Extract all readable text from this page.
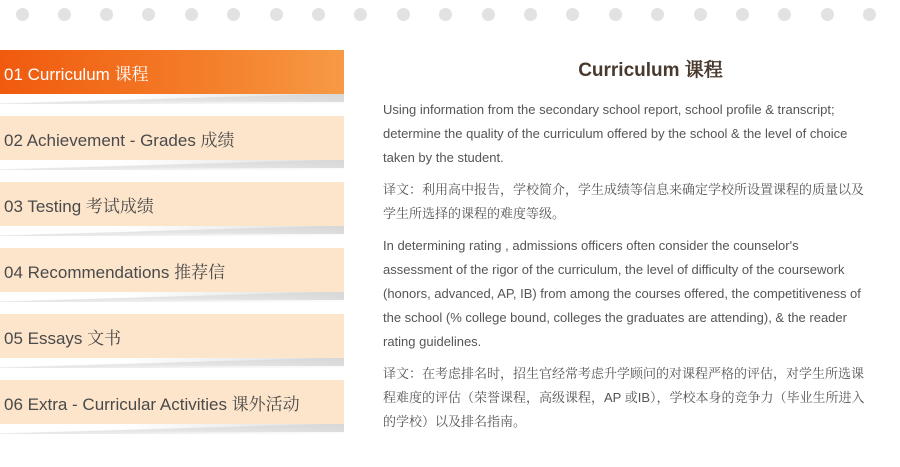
01 Curriculum 课程
02 Achievement - Grades 成绩
03 Testing 考试成绩
04 Recommendations 推荐信
05 Essays 文书
06 Extra - Curricular Activities 课外活动
Curriculum 课程

Using information from the secondary school report, school profile & transcript;
determine the quality of the curriculum offered by the school & the level of choice
taken by the student.

译文：利用高中报告，学校简介，学生成绩等信息来确定学校所设置课程的质量以及
学生所选择的课程的难度等级。

In determining rating , admissions officers often consider the counselor's
assessment of the rigor of the curriculum, the level of difficulty of the coursework
(honors, advanced, AP, IB) from among the courses offered, the competitiveness of
the school (% college bound, colleges the graduates are attending), & the reader
rating guidelines.

译文：在考虑排名时，招生官经常考虑升学顾问的对课程严格的评估，对学生所选课
程难度的评估（荣誉课程，高级课程，AP 或IB），学校本身的竞争力（毕业生所进入
的学校）以及排名指南。
